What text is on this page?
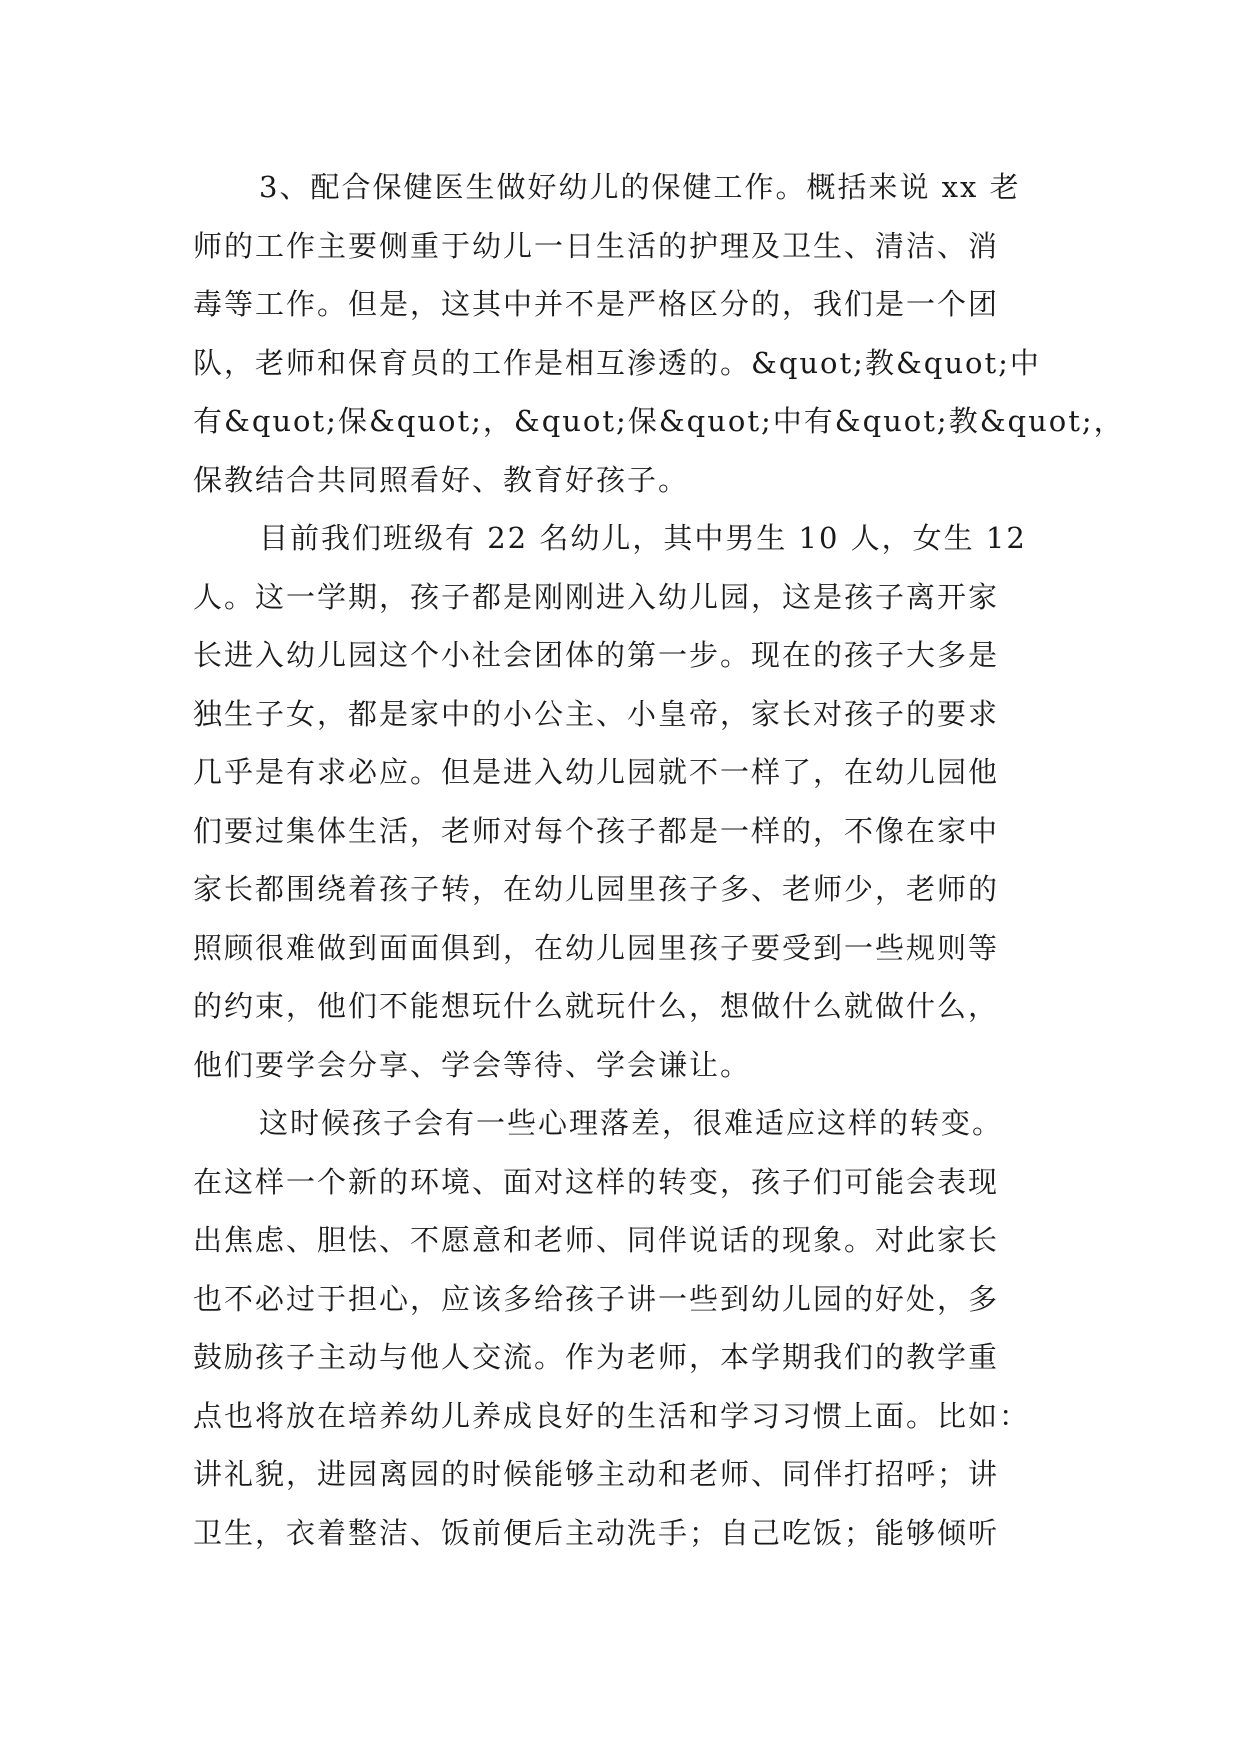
3、配合保健医生做好幼儿的保健工作。概括来说 xx 老
师的工作主要侧重于幼儿一日生活的护理及卫生、清洁、消
毒等工作。但是，这其中并不是严格区分的，我们是一个团
队，老师和保育员的工作是相互渗透的。&quot;教&quot;中
有&quot;保&quot;，&quot;保&quot;中有&quot;教&quot;，
保教结合共同照看好、教育好孩子。
目前我们班级有 22 名幼儿，其中男生 10 人，女生 12
人。这一学期，孩子都是刚刚进入幼儿园，这是孩子离开家
长进入幼儿园这个小社会团体的第一步。现在的孩子大多是
独生子女，都是家中的小公主、小皇帝，家长对孩子的要求
几乎是有求必应。但是进入幼儿园就不一样了，在幼儿园他
们要过集体生活，老师对每个孩子都是一样的，不像在家中
家长都围绕着孩子转，在幼儿园里孩子多、老师少，老师的
照顾很难做到面面俱到，在幼儿园里孩子要受到一些规则等
的约束，他们不能想玩什么就玩什么，想做什么就做什么，
他们要学会分享、学会等待、学会谦让。
这时候孩子会有一些心理落差，很难适应这样的转变。
在这样一个新的环境、面对这样的转变，孩子们可能会表现
出焦虑、胆怯、不愿意和老师、同伴说话的现象。对此家长
也不必过于担心，应该多给孩子讲一些到幼儿园的好处，多
鼓励孩子主动与他人交流。作为老师，本学期我们的教学重
点也将放在培养幼儿养成良好的生活和学习习惯上面。比如：
讲礼貌，进园离园的时候能够主动和老师、同伴打招呼；讲
卫生，衣着整洁、饭前便后主动洗手；自己吃饭；能够倾听
